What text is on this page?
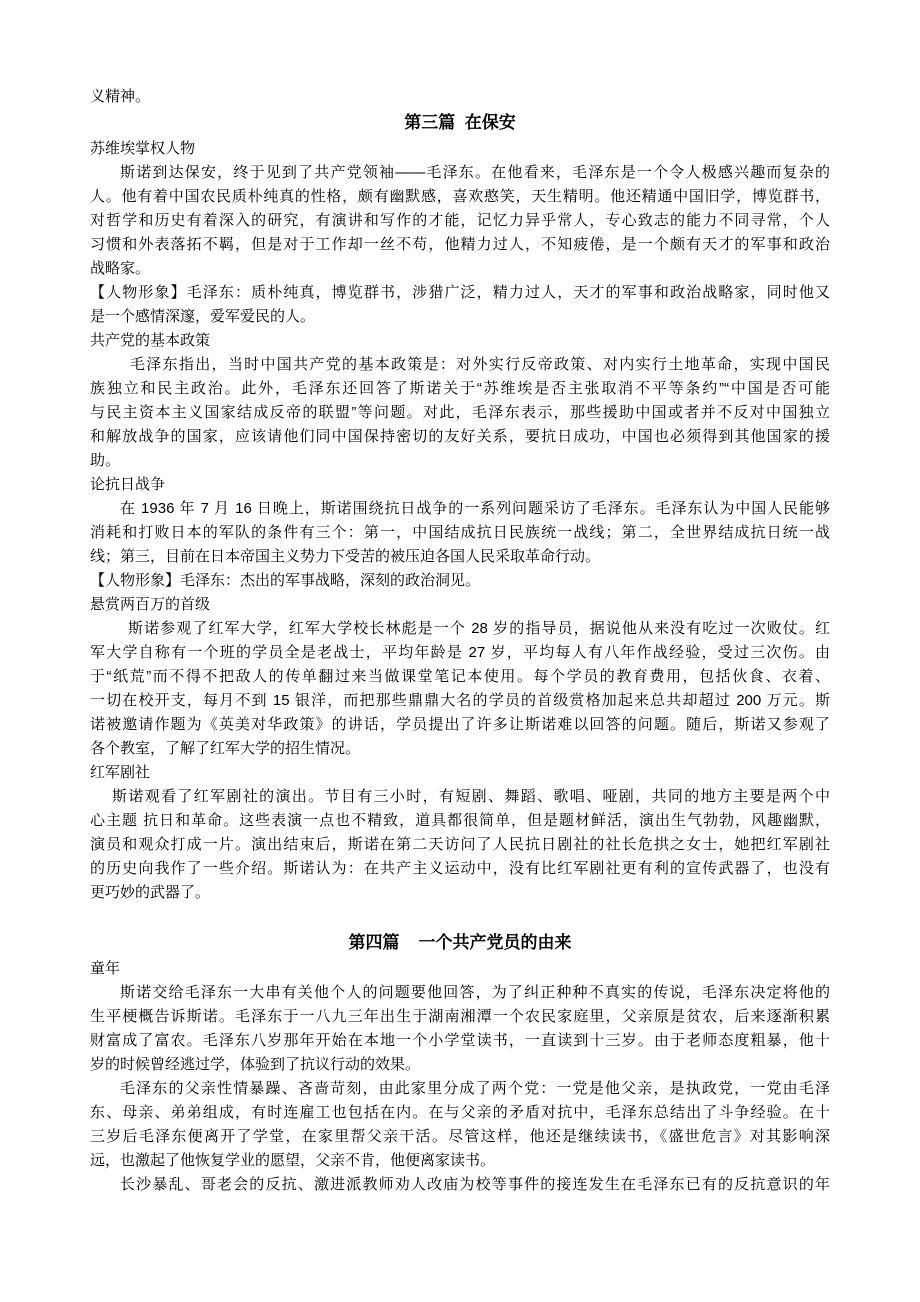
义精神。
第三篇  在保安
苏维埃掌权人物
斯诺到达保安，终于见到了共产党领袖——毛泽东。在他看来，毛泽东是一个令人极感兴趣而复杂的
人。他有着中国农民质朴纯真的性格，颇有幽默感，喜欢憨笑，天生精明。他还精通中国旧学，博览群书，
对哲学和历史有着深入的研究，有演讲和写作的才能，记忆力异乎常人，专心致志的能力不同寻常，个人
习惯和外表落拓不羁，但是对于工作却一丝不苟，他精力过人，不知疲倦，是一个颇有天才的军事和政治
战略家。
【人物形象】毛泽东：质朴纯真，博览群书，涉猎广泛，精力过人，天才的军事和政治战略家，同时他又
是一个感情深邃，爱军爱民的人。
共产党的基本政策
毛泽东指出，当时中国共产党的基本政策是：对外实行反帝政策、对内实行土地革命，实现中国民
族独立和民主政治。此外，毛泽东还回答了斯诺关于“苏维埃是否主张取消不平等条约”“中国是否可能
与民主资本主义国家结成反帝的联盟”等问题。对此，毛泽东表示，那些援助中国或者并不反对中国独立
和解放战争的国家，应该请他们同中国保持密切的友好关系，要抗日成功，中国也必须得到其他国家的援
助。
论抗日战争
在 1936 年 7 月 16 日晚上，斯诺围绕抗日战争的一系列问题采访了毛泽东。毛泽东认为中国人民能够
消耗和打败日本的军队的条件有三个：第一，中国结成抗日民族统一战线；第二，全世界结成抗日统一战
线；第三，目前在日本帝国主义势力下受苦的被压迫各国人民采取革命行动。
【人物形象】毛泽东：杰出的军事战略，深刻的政治洞见。
悬赏两百万的首级
斯诺参观了红军大学，红军大学校长林彪是一个 28 岁的指导员，据说他从来没有吃过一次败仗。红
军大学自称有一个班的学员全是老战士，平均年龄是 27 岁，平均每人有八年作战经验，受过三次伤。由
于“纸荒”而不得不把敌人的传单翻过来当做课堂笔记本使用。每个学员的教育费用，包括伙食、衣着、
一切在校开支，每月不到 15 银洋，而把那些鼎鼎大名的学员的首级赏格加起来总共却超过 200 万元。斯
诺被邀请作题为《英美对华政策》的讲话，学员提出了许多让斯诺难以回答的问题。随后，斯诺又参观了
各个教室，了解了红军大学的招生情况。
红军剧社
斯诺观看了红军剧社的演出。节目有三小时，有短剧、舞蹈、歌唱、哑剧，共同的地方主要是两个中
心主题 抗日和革命。这些表演一点也不精致，道具都很简单，但是题材鲜活，演出生气勃勃，风趣幽默，
演员和观众打成一片。演出结束后，斯诺在第二天访问了人民抗日剧社的社长危拱之女士，她把红军剧社
的历史向我作了一些介绍。斯诺认为：在共产主义运动中，没有比红军剧社更有利的宣传武器了，也没有
更巧妙的武器了。
第四篇    一个共产党员的由来
童年
斯诺交给毛泽东一大串有关他个人的问题要他回答，为了纠正种种不真实的传说，毛泽东决定将他的
生平梗概告诉斯诺。毛泽东于一八九三年出生于湖南湘潭一个农民家庭里，父亲原是贫农，后来逐渐积累
财富成了富农。毛泽东八岁那年开始在本地一个小学堂读书，一直读到十三岁。由于老师态度粗暴，他十
岁的时候曾经逃过学，体验到了抗议行动的效果。
毛泽东的父亲性情暴躁、吝啬苛刻，由此家里分成了两个党：一党是他父亲，是执政党，一党由毛泽
东、母亲、弟弟组成，有时连雇工也包括在内。在与父亲的矛盾对抗中，毛泽东总结出了斗争经验。在十
三岁后毛泽东便离开了学堂，在家里帮父亲干活。尽管这样，他还是继续读书，《盛世危言》对其影响深
远，也激起了他恢复学业的愿望，父亲不肯，他便离家读书。
长沙暴乱、哥老会的反抗、激进派教师劝人改庙为校等事件的接连发生在毛泽东已有的反抗意识的年
